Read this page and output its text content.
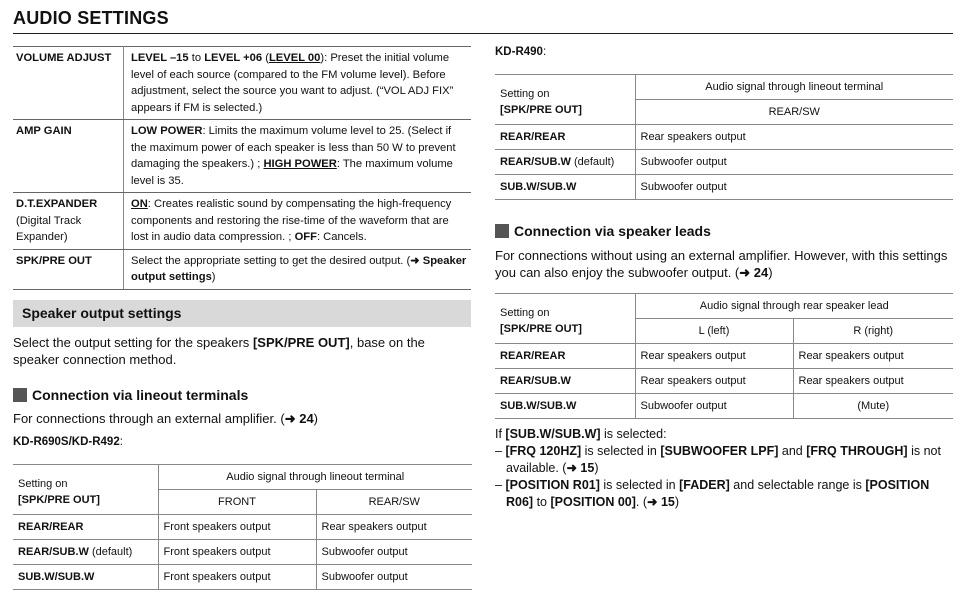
AUDIO SETTINGS
VOLUME ADJUST	LEVEL –15 to LEVEL +06 (LEVEL 00): Preset the initial volume level of each source (compared to the FM volume level). Before adjustment, select the source you want to adjust. (“VOL ADJ FIX” appears if FM is selected.)
AMP GAIN	LOW POWER: Limits the maximum volume level to 25. (Select if the maximum power of each speaker is less than 50 W to prevent damaging the speakers.) ; HIGH POWER: The maximum volume level is 35.
D.T.EXPANDER
(Digital Track Expander)	ON: Creates realistic sound by compensating the high-frequency components and restoring the rise-time of the waveform that are lost in audio data compression. ; OFF: Cancels.
SPK/PRE OUT	Select the appropriate setting to get the desired output. (➜ Speaker output settings)
Speaker output settings
Select the output setting for the speakers [SPK/PRE OUT], base on the speaker connection method.
Connection via lineout terminals
For connections through an external amplifier. (➜ 24)
KD-R690S/KD-R492:
Setting on
[SPK/PRE OUT]	Audio signal through lineout terminal	
	FRONT	REAR/SW
REAR/REAR	Front speakers output	Rear speakers output
REAR/SUB.W (default)	Front speakers output	Subwoofer output
SUB.W/SUB.W	Front speakers output	Subwoofer output
KD-R490:
Setting on
[SPK/PRE OUT]	Audio signal through lineout terminal
	REAR/SW
REAR/REAR	Rear speakers output
REAR/SUB.W (default)	Subwoofer output
SUB.W/SUB.W	Subwoofer output
Connection via speaker leads
For connections without using an external amplifier. However, with this settings you can also enjoy the subwoofer output. (➜ 24)
Setting on
[SPK/PRE OUT]	Audio signal through rear speaker lead	
	L (left)	R (right)
REAR/REAR	Rear speakers output	Rear speakers output
REAR/SUB.W	Rear speakers output	Rear speakers output
SUB.W/SUB.W	Subwoofer output	(Mute)
If [SUB.W/SUB.W] is selected:
– [FRQ 120HZ] is selected in [SUBWOOFER LPF] and [FRQ THROUGH] is not available. (➜ 15)
– [POSITION R01] is selected in [FADER] and selectable range is [POSITION R06] to [POSITION 00]. (➜ 15)
